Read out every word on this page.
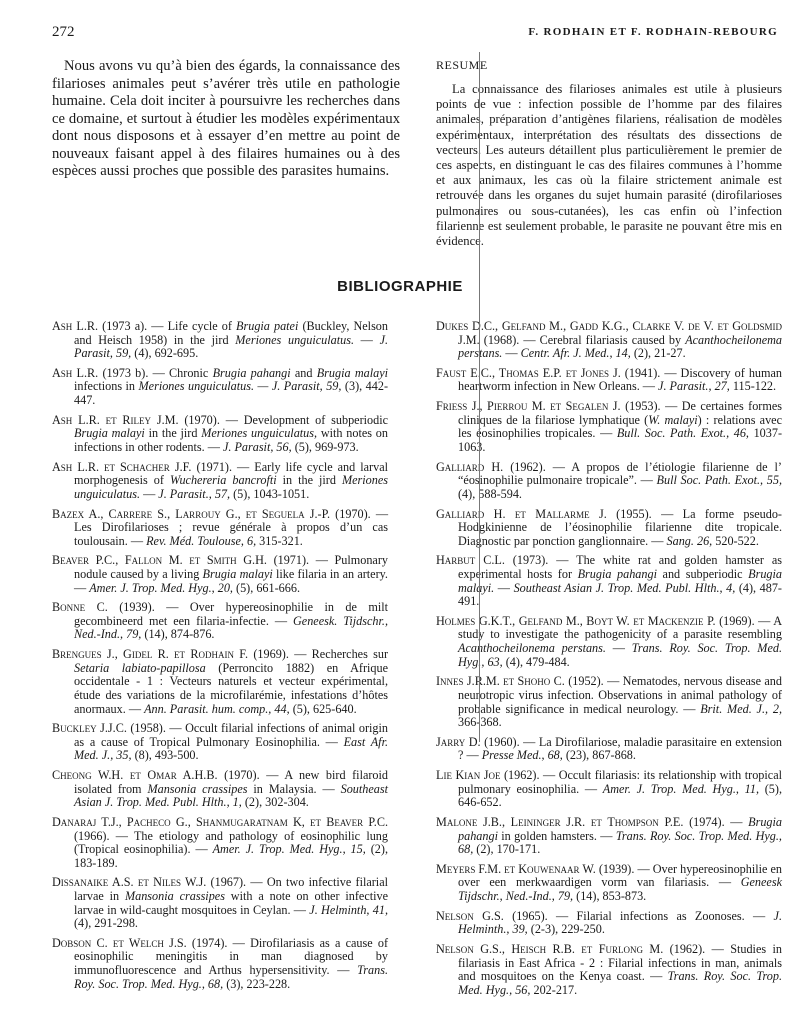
272	F. RODHAIN ET F. RODHAIN-REBOURG

Nous avons vu qu’à bien des égards, la connaissance des filarioses animales peut s’avérer très utile en pathologie humaine. Cela doit inciter à poursuivre les recherches dans ce domaine, et surtout à étudier les modèles expérimentaux dont nous disposons et à essayer d’en mettre au point de nouveaux faisant appel à des filaires humaines ou à des espèces aussi proches que possible des parasites humains.

RESUME

La connaissance des filarioses animales est utile à plusieurs points de vue : infection possible de l’homme par des filaires animales, préparation d’antigènes filariens, réalisation de modèles expérimentaux, interprétation des résultats des dissections de vecteurs. Les auteurs détaillent plus particulièrement le premier de ces aspects, en distinguant le cas des filaires communes à l’homme et aux animaux, les cas où la filaire strictement animale est retrouvée dans les organes du sujet humain parasité (dirofilarioses pulmonaires ou sous-cutanées), les cas enfin où l’infection filarienne est seulement probable, le parasite ne pouvant être mis en évidence.

BIBLIOGRAPHIE

Ash L.R. (1973 a). — Life cycle of Brugia patei (Buckley, Nelson and Heisch 1958) in the jird Meriones unguiculatus. — J. Parasit, 59, (4), 692-695.

Ash L.R. (1973 b). — Chronic Brugia pahangi and Brugia malayi infections in Meriones unguiculatus. — J. Parasit, 59, (3), 442-447.

Ash L.R. et Riley J.M. (1970). — Development of subperiodic Brugia malayi in the jird Meriones unguiculatus, with notes on infections in other rodents. — J. Parasit, 56, (5), 969-973.

Ash L.R. et Schacher J.F. (1971). — Early life cycle and larval morphogenesis of Wuchereria bancrofti in the jird Meriones unguiculatus. — J. Parasit., 57, (5), 1043-1051.

Bazex A., Carrere S., Larrouy G., et Seguela J.-P. (1970). — Les Dirofilarioses ; revue générale à propos d’un cas toulousain. — Rev. Méd. Toulouse, 6, 315-321.

Beaver P.C., Fallon M. et Smith G.H. (1971). — Pulmonary nodule caused by a living Brugia malayi like filaria in an artery. — Amer. J. Trop. Med. Hyg., 20, (5), 661-666.

Bonne C. (1939). — Over hypereosinophilie in de milt gecombineerd met een filaria-infectie. — Geneesk. Tijdschr., Ned.-Ind., 79, (14), 874-876.

Brengues J., Gidel R. et Rodhain F. (1969). — Recherches sur Setaria labiato-papillosa (Perroncito 1882) en Afrique occidentale - 1 : Vecteurs naturels et vecteur expérimental, étude des variations de la microfilarémie, infestations d’hôtes anormaux. — Ann. Parasit. hum. comp., 44, (5), 625-640.

Buckley J.J.C. (1958). — Occult filarial infections of animal origin as a cause of Tropical Pulmonary Eosinophilia. — East Afr. Med. J., 35, (8), 493-500.

Cheong W.H. et Omar A.H.B. (1970). — A new bird filaroid isolated from Mansonia crassipes in Malaysia. — Southeast Asian J. Trop. Med. Publ. Hlth., 1, (2), 302-304.

Danaraj T.J., Pacheco G., Shanmugaratnam K, et Beaver P.C. (1966). — The etiology and pathology of eosinophilic lung (Tropical eosinophilia). — Amer. J. Trop. Med. Hyg., 15, (2), 183-189.

Dissanaike A.S. et Niles W.J. (1967). — On two infective filarial larvae in Mansonia crassipes with a note on other infective larvae in wild-caught mosquitoes in Ceylan. — J. Helminth, 41, (4), 291-298.

Dobson C. et Welch J.S. (1974). — Dirofilariasis as a cause of eosinophilic meningitis in man diagnosed by immunofluorescence and Arthus hypersensitivity. — Trans. Roy. Soc. Trop. Med. Hyg., 68, (3), 223-228.

Dukes D.C., Gelfand M., Gadd K.G., Clarke V. de V. et Goldsmid J.M. (1968). — Cerebral filariasis caused by Acanthocheilonema perstans. — Centr. Afr. J. Med., 14, (2), 21-27.

Faust E.C., Thomas E.P. et Jones J. (1941). — Discovery of human heartworm infection in New Orleans. — J. Parasit., 27, 115-122.

Friess J., Pierrou M. et Segalen J. (1953). — De certaines formes cliniques de la filariose lymphatique (W. malayi) : relations avec les éosinophilies tropicales. — Bull. Soc. Path. Exot., 46, 1037-1063.

Galliard H. (1962). — A propos de l’étiologie filarienne de l’ “éosinophilie pulmonaire tropicale”. — Bull Soc. Path. Exot., 55, (4), 588-594.

Galliard H. et Mallarme J. (1955). — La forme pseudo-Hodgkinienne de l’éosinophilie filarienne dite tropicale. Diagnostic par ponction ganglionnaire. — Sang. 26, 520-522.

Harbut C.L. (1973). — The white rat and golden hamster as experimental hosts for Brugia pahangi and subperiodic Brugia malayi. — Southeast Asian J. Trop. Med. Publ. Hlth., 4, (4), 487-491.

Holmes G.K.T., Gelfand M., Boyt W. et Mackenzie P. (1969). — A study to investigate the pathogenicity of a parasite resembling Acanthocheilonema perstans. — Trans. Roy. Soc. Trop. Med. Hyg., 63, (4), 479-484.

Innes J.R.M. et Shoho C. (1952). — Nematodes, nervous disease and neurotropic virus infection. Observations in animal pathology of probable significance in medical neurology. — Brit. Med. J., 2, 366-368.

Jarry D. (1960). — La Dirofilariose, maladie parasitaire en extension ? — Presse Med., 68, (23), 867-868.

Lie Kian Joe (1962). — Occult filariasis: its relationship with tropical pulmonary eosinophilia. — Amer. J. Trop. Med. Hyg., 11, (5), 646-652.

Malone J.B., Leininger J.R. et Thompson P.E. (1974). — Brugia pahangi in golden hamsters. — Trans. Roy. Soc. Trop. Med. Hyg., 68, (2), 170-171.

Meyers F.M. et Kouwenaar W. (1939). — Over hypereosinophilie en over een merkwaardigen vorm van filariasis. — Geneesk Tijdschr., Ned.-Ind., 79, (14), 853-873.

Nelson G.S. (1965). — Filarial infections as Zoonoses. — J. Helminth., 39, (2-3), 229-250.

Nelson G.S., Heisch R.B. et Furlong M. (1962). — Studies in filariasis in East Africa - 2 : Filarial infections in man, animals and mosquitoes on the Kenya coast. — Trans. Roy. Soc. Trop. Med. Hyg., 56, 202-217.
